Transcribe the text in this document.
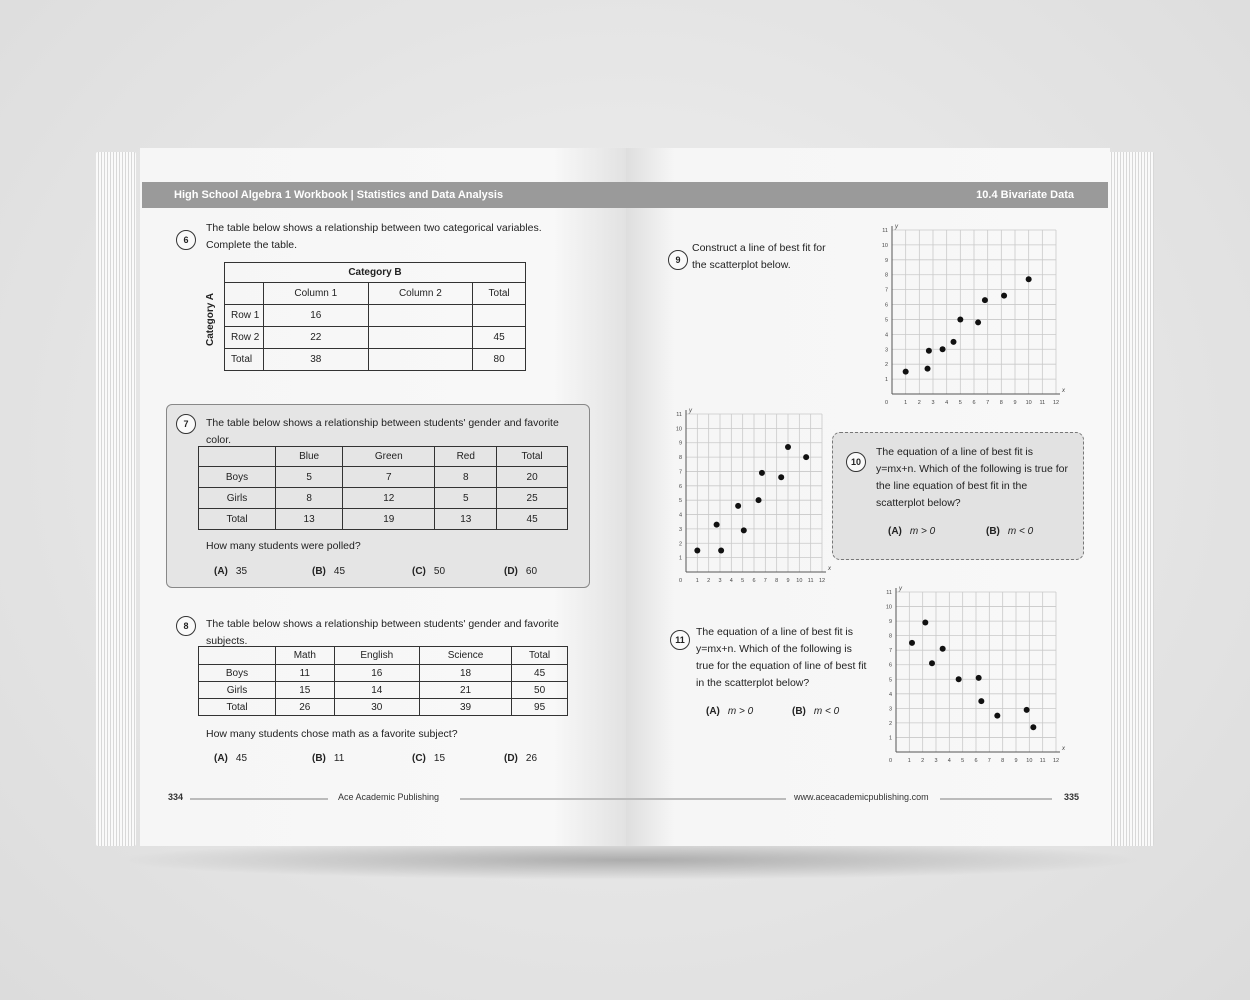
High School Algebra 1 Workbook | Statistics and Data Analysis
6
The table below shows a relationship between two categorical variables. Complete the table.
Category A
Category B			
	Column 1	Column 2	Total
Row 1	16		
Row 2	22		45
Total	38		80
7	The table below shows a relationship between students' gender and favorite color.
	Blue	Green	Red	Total
Boys	5	7	8	20
Girls	8	12	5	25
Total	13	19	13	45
How many students were polled?
(A) 35	(B) 45	(C) 50	(D) 60
8	The table below shows a relationship between students' gender and favorite subjects.
	Math	English	Science	Total
Boys	11	16	18	45
Girls	15	14	21	50
Total	26	30	39	95
How many students chose math as a favorite subject?
(A) 45	(B) 11	(C) 15	(D) 26
334	Ace Academic Publishing
10.4 Bivariate Data
9
Construct a line of best fit for the scatterplot below.
1 2 3 4 5 6 7 8 9 10 11 12
1
2
3
4
5
6
7
8
9
10
11
0
x
y
1 2 3 4 5 6 7 8 9 10 11 12
1
2
3
4
5
6
7
8
9
10
11
0
x
y
10
The equation of a line of best fit is y=mx+n. Which of the following is true for the line equation of best fit in the scatterplot below?
(A) m > 0	(B) m < 0
11
The equation of a line of best fit is y=mx+n. Which of the following is true for the equation of line of best fit in the scatterplot below?
(A) m > 0	(B) m < 0
1 2 3 4 5 6 7 8 9 10 11 12
1
2
3
4
5
6
7
8
9
10
11
0
x
y
www.aceacademicpublishing.com	335
